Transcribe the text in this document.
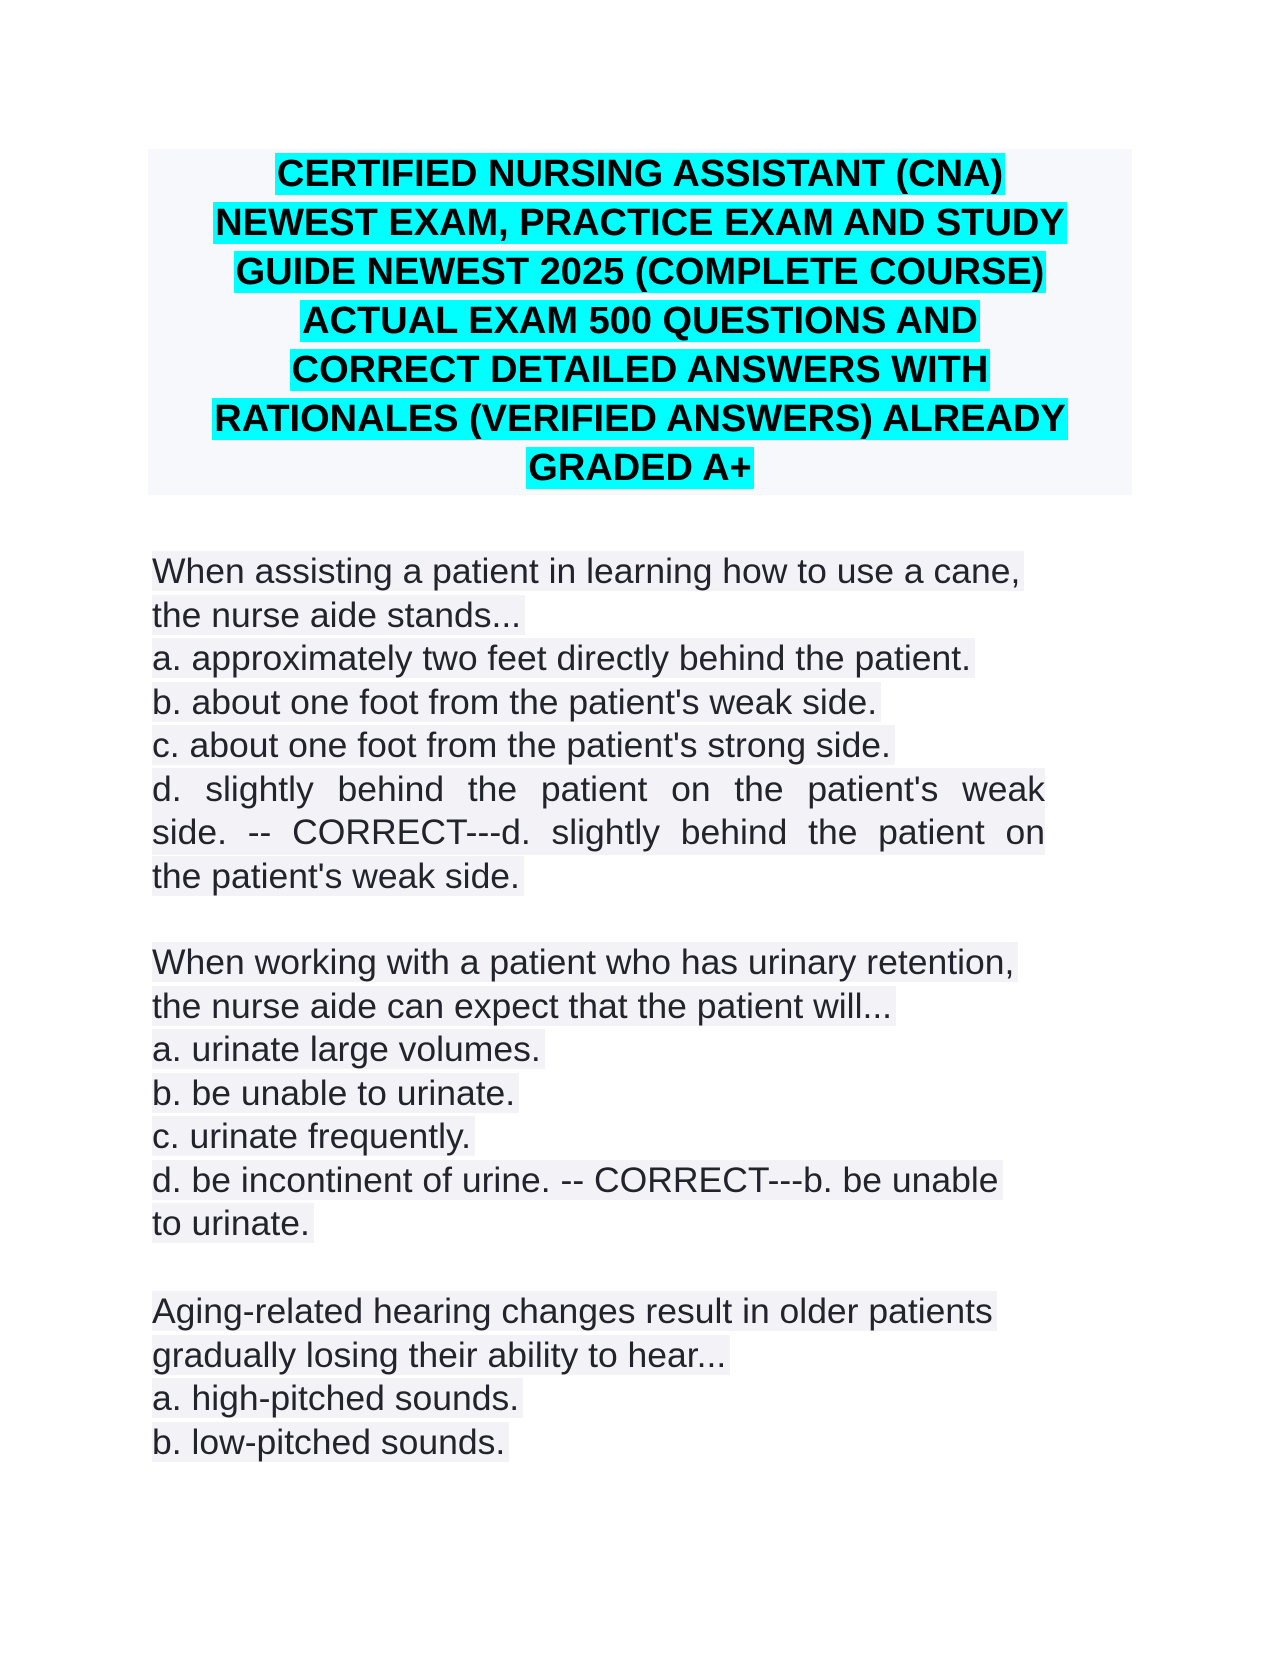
CERTIFIED NURSING ASSISTANT (CNA)
NEWEST EXAM, PRACTICE EXAM AND STUDY
GUIDE NEWEST 2025 (COMPLETE COURSE)
ACTUAL EXAM 500 QUESTIONS AND
CORRECT DETAILED ANSWERS WITH
RATIONALES (VERIFIED ANSWERS) ALREADY
GRADED A+
When assisting a patient in learning how to use a cane,
the nurse aide stands...
a. approximately two feet directly behind the patient.
b. about one foot from the patient's weak side.
c. about one foot from the patient's strong side.
d. slightly behind the patient on the patient's weak
side. -- CORRECT---d. slightly behind the patient on
the patient's weak side.
When working with a patient who has urinary retention,
the nurse aide can expect that the patient will...
a. urinate large volumes.
b. be unable to urinate.
c. urinate frequently.
d. be incontinent of urine. -- CORRECT---b. be unable
to urinate.
Aging-related hearing changes result in older patients
gradually losing their ability to hear...
a. high-pitched sounds.
b. low-pitched sounds.
